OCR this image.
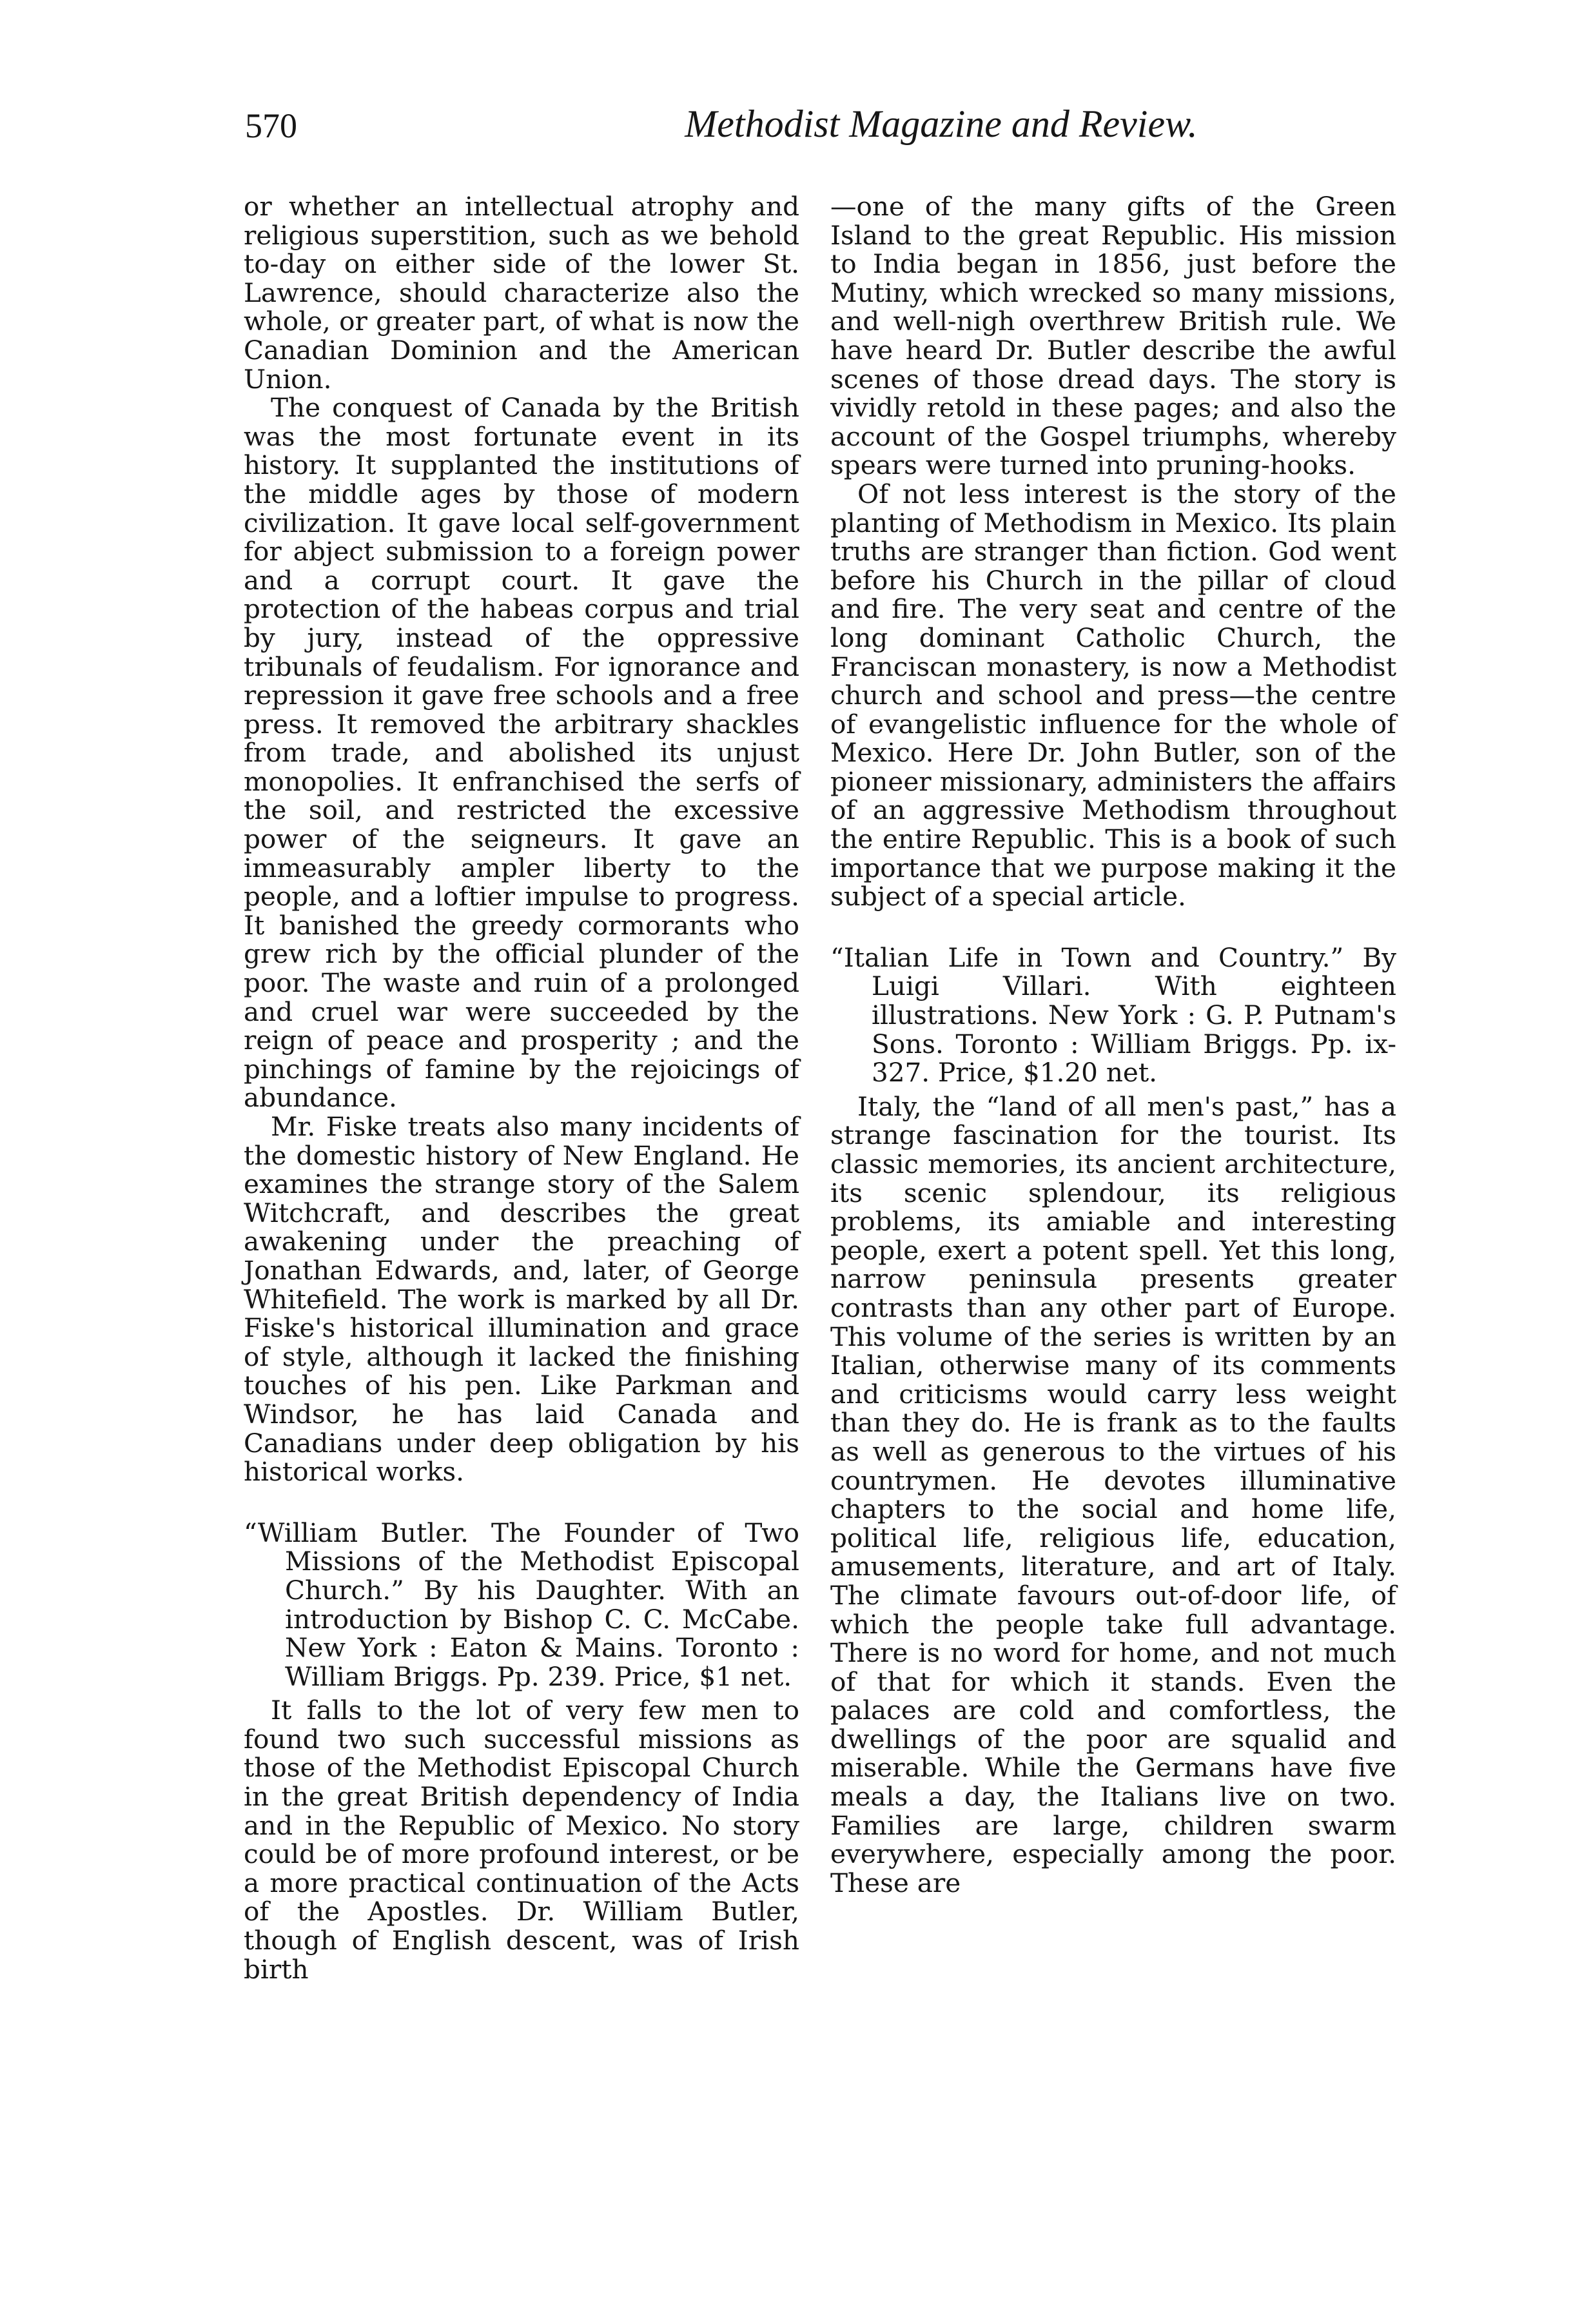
570	Methodist Magazine and Review.

or whether an intellectual atrophy and religious superstition, such as we behold to-day on either side of the lower St. Lawrence, should characterize also the whole, or greater part, of what is now the Canadian Dominion and the American Union.

The conquest of Canada by the British was the most fortunate event in its history. It supplanted the institutions of the middle ages by those of modern civilization. It gave local self-government for abject submission to a foreign power and a corrupt court. It gave the protection of the habeas corpus and trial by jury, instead of the oppressive tribunals of feudalism. For ignorance and repression it gave free schools and a free press. It removed the arbitrary shackles from trade, and abolished its unjust monopolies. It enfranchised the serfs of the soil, and restricted the excessive power of the seigneurs. It gave an immeasurably ampler liberty to the people, and a loftier impulse to progress. It banished the greedy cormorants who grew rich by the official plunder of the poor. The waste and ruin of a prolonged and cruel war were succeeded by the reign of peace and prosperity ; and the pinchings of famine by the rejoicings of abundance.

Mr. Fiske treats also many incidents of the domestic history of New England. He examines the strange story of the Salem Witchcraft, and describes the great awakening under the preaching of Jonathan Edwards, and, later, of George Whitefield. The work is marked by all Dr. Fiske's historical illumination and grace of style, although it lacked the finishing touches of his pen. Like Parkman and Windsor, he has laid Canada and Canadians under deep obligation by his historical works.

“William Butler. The Founder of Two Missions of the Methodist Episcopal Church.” By his Daughter. With an introduction by Bishop C. C. McCabe. New York : Eaton & Mains. Toronto : William Briggs. Pp. 239. Price, $1 net.

It falls to the lot of very few men to found two such successful missions as those of the Methodist Episcopal Church in the great British dependency of India and in the Republic of Mexico. No story could be of more profound interest, or be a more practical continuation of the Acts of the Apostles. Dr. William Butler, though of English descent, was of Irish birth

—one of the many gifts of the Green Island to the great Republic. His mission to India began in 1856, just before the Mutiny, which wrecked so many missions, and well-nigh overthrew British rule. We have heard Dr. Butler describe the awful scenes of those dread days. The story is vividly retold in these pages; and also the account of the Gospel triumphs, whereby spears were turned into pruning-hooks.

Of not less interest is the story of the planting of Methodism in Mexico. Its plain truths are stranger than fiction. God went before his Church in the pillar of cloud and fire. The very seat and centre of the long dominant Catholic Church, the Franciscan monastery, is now a Methodist church and school and press—the centre of evangelistic influence for the whole of Mexico. Here Dr. John Butler, son of the pioneer missionary, administers the affairs of an aggressive Methodism throughout the entire Republic. This is a book of such importance that we purpose making it the subject of a special article.

“Italian Life in Town and Country.” By Luigi Villari. With eighteen illustrations. New York : G. P. Putnam's Sons. Toronto : William Briggs. Pp. ix-327. Price, $1.20 net.

Italy, the “land of all men's past,” has a strange fascination for the tourist. Its classic memories, its ancient architecture, its scenic splendour, its religious problems, its amiable and interesting people, exert a potent spell. Yet this long, narrow peninsula presents greater contrasts than any other part of Europe. This volume of the series is written by an Italian, otherwise many of its comments and criticisms would carry less weight than they do. He is frank as to the faults as well as generous to the virtues of his countrymen. He devotes illuminative chapters to the social and home life, political life, religious life, education, amusements, literature, and art of Italy. The climate favours out-of-door life, of which the people take full advantage. There is no word for home, and not much of that for which it stands. Even the palaces are cold and comfortless, the dwellings of the poor are squalid and miserable. While the Germans have five meals a day, the Italians live on two. Families are large, children swarm everywhere, especially among the poor. These are
